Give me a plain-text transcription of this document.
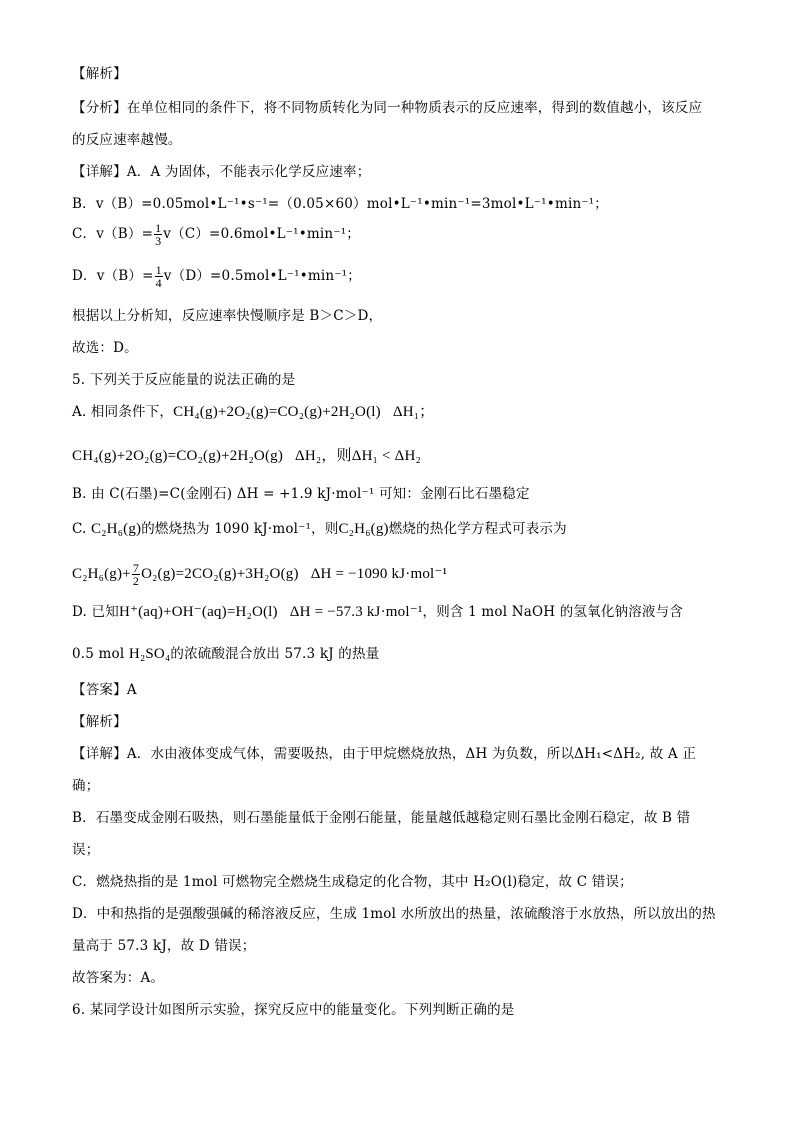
【解析】
【分析】在单位相同的条件下，将不同物质转化为同一种物质表示的反应速率，得到的数值越小，该反应
的反应速率越慢。
【详解】A．A 为固体，不能表示化学反应速率；
B．v（B）=0.05mol•L⁻¹•s⁻¹=（0.05×60）mol•L⁻¹•min⁻¹=3mol•L⁻¹•min⁻¹；
C．$v(B)= \frac{1}{3}$ v（C）=0.6mol•L⁻¹•min⁻¹；
D．$v(B)= \frac{1}{4}$ v（D）=0.5mol•L⁻¹•min⁻¹；
根据以上分析知，反应速率快慢顺序是 B＞C＞D，
故选：D。
5. 下列关于反应能量的说法正确的是
A. 相同条件下，CH₄(g)+2O₂(g)=CO₂(g)+2H₂O(l) ΔH₁；
CH₄(g)+2O₂(g)=CO₂(g)+2H₂O(g) ΔH₂，则ΔH₁ < ΔH₂
B. 由 C(石墨)=C(金刚石) ΔH = +1.9 kJ·mol⁻¹ 可知：金刚石比石墨稳定
C. C₂H₆(g)的燃烧热为 1090 kJ·mol⁻¹，则C₂H₆(g)燃烧的热化学方程式可表示为
$C_2H_6(g)+ \frac{7}{2} O_2(g)=2CO_2(g)+3H_2O(g) \Delta H = -1090$ kJ·mol⁻¹
D. 已知H⁺(aq)+OH⁻(aq)=H₂O(l) ΔH = −57.3 kJ·mol⁻¹，则含 1 mol NaOH 的氢氧化钠溶液与含
0.5 mol H₂SO₄的浓硫酸混合放出 57.3 kJ 的热量
【答案】A
【解析】
【详解】A．水由液体变成气体，需要吸热，由于甲烷燃烧放热，ΔH 为负数，所以ΔH₁<ΔH₂, 故 A 正
确；
B．石墨变成金刚石吸热，则石墨能量低于金刚石能量，能量越低越稳定则石墨比金刚石稳定，故 B 错
误；
C．燃烧热指的是 1mol 可燃物完全燃烧生成稳定的化合物，其中 H₂O(l)稳定，故 C 错误；
D．中和热指的是强酸强碱的稀溶液反应，生成 1mol 水所放出的热量，浓硫酸溶于水放热，所以放出的热
量高于 57.3 kJ，故 D 错误；
故答案为：A。
6. 某同学设计如图所示实验，探究反应中的能量变化。下列判断正确的是
